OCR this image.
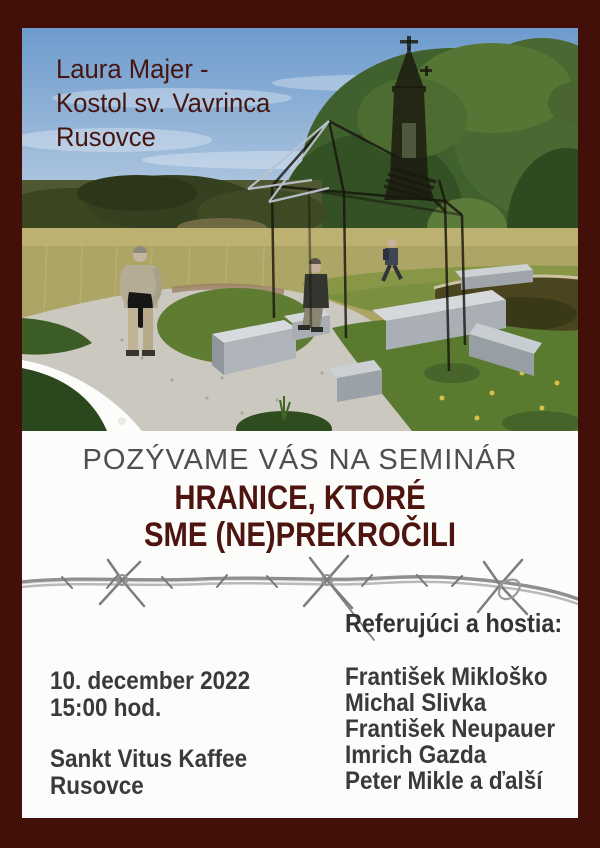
Laura Majer -
Kostol sv. Vavrinca
Rusovce
POZÝVAME VÁS NA SEMINÁR
HRANICE, KTORÉ
SME (NE)PREKROČILI
Referujúci a hostia:
10. december 2022
15:00 hod.
Sankt Vitus Kaffee
Rusovce
František Mikloško
Michal Slivka
František Neupauer
Imrich Gazda
Peter Mikle a ďalší
